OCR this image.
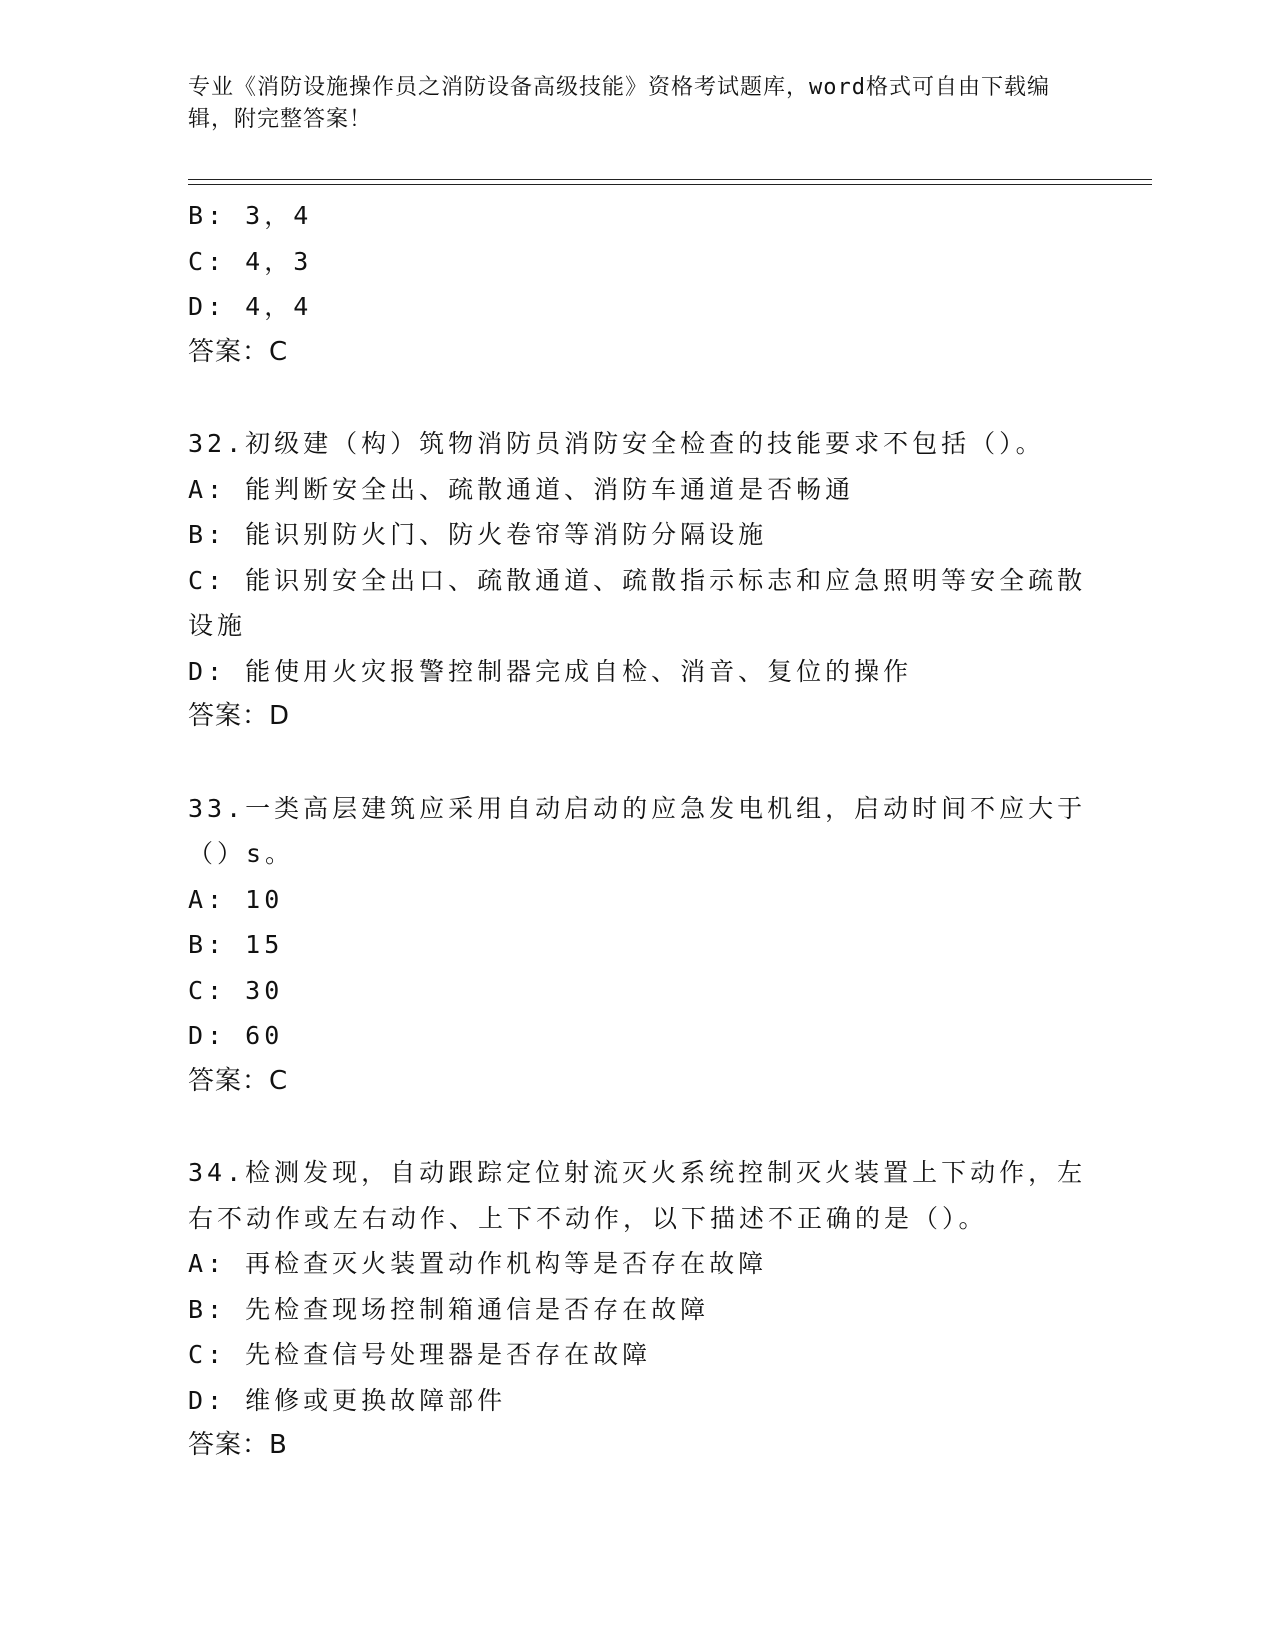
专业《消防设施操作员之消防设备高级技能》资格考试题库，word格式可自由下载编辑，附完整答案！
B: 3，4
C: 4，3
D: 4，4
答案：C
32.初级建（构）筑物消防员消防安全检查的技能要求不包括（）。
A: 能判断安全出、疏散通道、消防车通道是否畅通
B: 能识别防火门、防火卷帘等消防分隔设施
C: 能识别安全出口、疏散通道、疏散指示标志和应急照明等安全疏散
设施
D: 能使用火灾报警控制器完成自检、消音、复位的操作
答案：D
33.一类高层建筑应采用自动启动的应急发电机组，启动时间不应大于
（）s。
A: 10
B: 15
C: 30
D: 60
答案：C
34.检测发现，自动跟踪定位射流灭火系统控制灭火装置上下动作，左
右不动作或左右动作、上下不动作，以下描述不正确的是（）。
A: 再检查灭火装置动作机构等是否存在故障
B: 先检查现场控制箱通信是否存在故障
C: 先检查信号处理器是否存在故障
D: 维修或更换故障部件
答案：B
